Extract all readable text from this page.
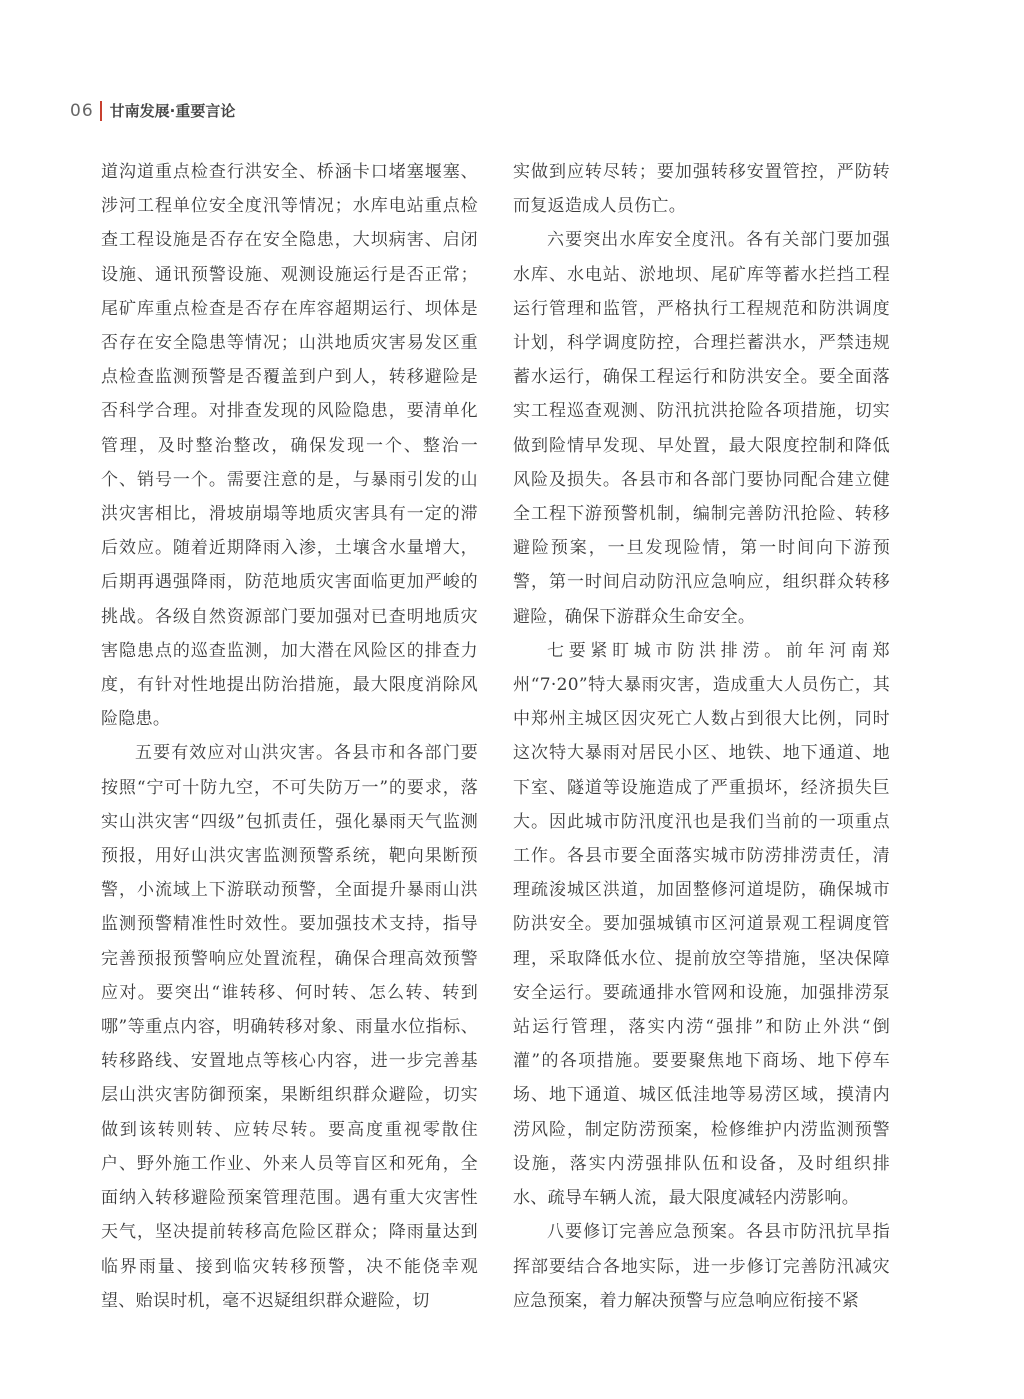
06 甘南发展·重要言论

道沟道重点检查行洪安全、桥涵卡口堵塞堰塞、涉河工程单位安全度汛等情况；水库电站重点检查工程设施是否存在安全隐患，大坝病害、启闭设施、通讯预警设施、观测设施运行是否正常；尾矿库重点检查是否存在库容超期运行、坝体是否存在安全隐患等情况；山洪地质灾害易发区重点检查监测预警是否覆盖到户到人，转移避险是否科学合理。对排查发现的风险隐患，要清单化管理，及时整治整改，确保发现一个、整治一个、销号一个。需要注意的是，与暴雨引发的山洪灾害相比，滑坡崩塌等地质灾害具有一定的滞后效应。随着近期降雨入渗，土壤含水量增大，后期再遇强降雨，防范地质灾害面临更加严峻的挑战。各级自然资源部门要加强对已查明地质灾害隐患点的巡查监测，加大潜在风险区的排查力度，有针对性地提出防治措施，最大限度消除风险隐患。

五要有效应对山洪灾害。各县市和各部门要按照“宁可十防九空，不可失防万一”的要求，落实山洪灾害“四级”包抓责任，强化暴雨天气监测预报，用好山洪灾害监测预警系统，靶向果断预警，小流域上下游联动预警，全面提升暴雨山洪监测预警精准性时效性。要加强技术支持，指导完善预报预警响应处置流程，确保合理高效预警应对。要突出“谁转移、何时转、怎么转、转到哪”等重点内容，明确转移对象、雨量水位指标、转移路线、安置地点等核心内容，进一步完善基层山洪灾害防御预案，果断组织群众避险，切实做到该转则转、应转尽转。要高度重视零散住户、野外施工作业、外来人员等盲区和死角，全面纳入转移避险预案管理范围。遇有重大灾害性天气，坚决提前转移高危险区群众；降雨量达到临界雨量、接到临灾转移预警，决不能侥幸观望、贻误时机，毫不迟疑组织群众避险，切

实做到应转尽转；要加强转移安置管控，严防转而复返造成人员伤亡。

六要突出水库安全度汛。各有关部门要加强水库、水电站、淤地坝、尾矿库等蓄水拦挡工程运行管理和监管，严格执行工程规范和防洪调度计划，科学调度防控，合理拦蓄洪水，严禁违规蓄水运行，确保工程运行和防洪安全。要全面落实工程巡查观测、防汛抗洪抢险各项措施，切实做到险情早发现、早处置，最大限度控制和降低风险及损失。各县市和各部门要协同配合建立健全工程下游预警机制，编制完善防汛抢险、转移避险预案，一旦发现险情，第一时间向下游预警，第一时间启动防汛应急响应，组织群众转移避险，确保下游群众生命安全。

七要紧盯城市防洪排涝。前年河南郑州“7·20”特大暴雨灾害，造成重大人员伤亡，其中郑州主城区因灾死亡人数占到很大比例，同时这次特大暴雨对居民小区、地铁、地下通道、地下室、隧道等设施造成了严重损坏，经济损失巨大。因此城市防汛度汛也是我们当前的一项重点工作。各县市要全面落实城市防涝排涝责任，清理疏浚城区洪道，加固整修河道堤防，确保城市防洪安全。要加强城镇市区河道景观工程调度管理，采取降低水位、提前放空等措施，坚决保障安全运行。要疏通排水管网和设施，加强排涝泵站运行管理，落实内涝“强排”和防止外洪“倒灌”的各项措施。要要聚焦地下商场、地下停车场、地下通道、城区低洼地等易涝区域，摸清内涝风险，制定防涝预案，检修维护内涝监测预警设施，落实内涝强排队伍和设备，及时组织排水、疏导车辆人流，最大限度减轻内涝影响。

八要修订完善应急预案。各县市防汛抗旱指挥部要结合各地实际，进一步修订完善防汛减灾应急预案，着力解决预警与应急响应衔接不紧
